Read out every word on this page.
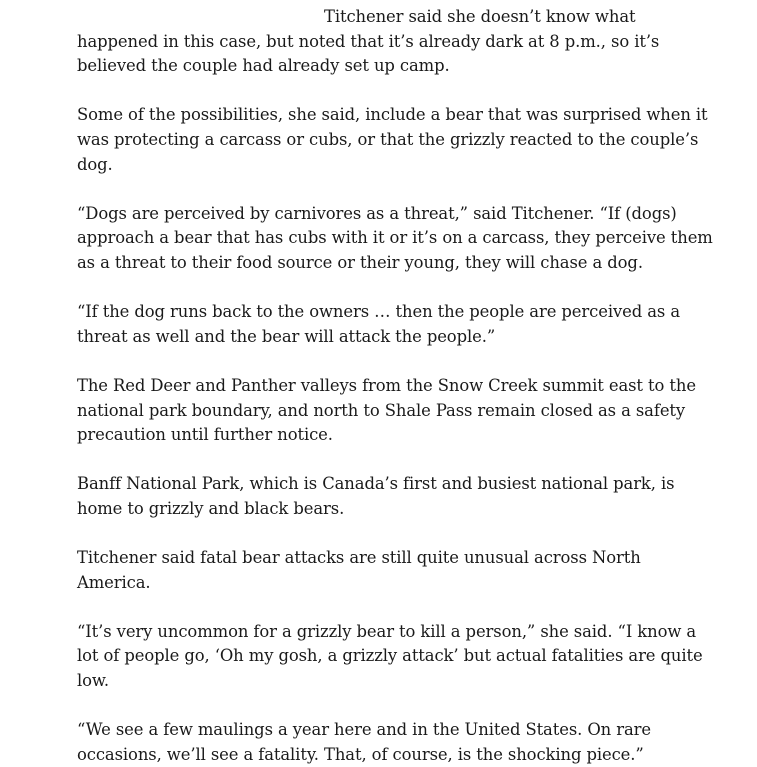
Titchener said she doesn’t know what happened in this case, but noted that it’s already dark at 8 p.m., so it’s believed the couple had already set up camp.

Some of the possibilities, she said, include a bear that was surprised when it was protecting a carcass or cubs, or that the grizzly reacted to the couple’s dog.

“Dogs are perceived by carnivores as a threat,” said Titchener. “If (dogs) approach a bear that has cubs with it or it’s on a carcass, they perceive them as a threat to their food source or their young, they will chase a dog.

“If the dog runs back to the owners … then the people are perceived as a threat as well and the bear will attack the people.”

The Red Deer and Panther valleys from the Snow Creek summit east to the national park boundary, and north to Shale Pass remain closed as a safety precaution until further notice.

Banff National Park, which is Canada’s first and busiest national park, is home to grizzly and black bears.

Titchener said fatal bear attacks are still quite unusual across North America.

“It’s very uncommon for a grizzly bear to kill a person,” she said. “I know a lot of people go, ‘Oh my gosh, a grizzly attack’ but actual fatalities are quite low.

“We see a few maulings a year here and in the United States. On rare occasions, we’ll see a fatality. That, of course, is the shocking piece.”
